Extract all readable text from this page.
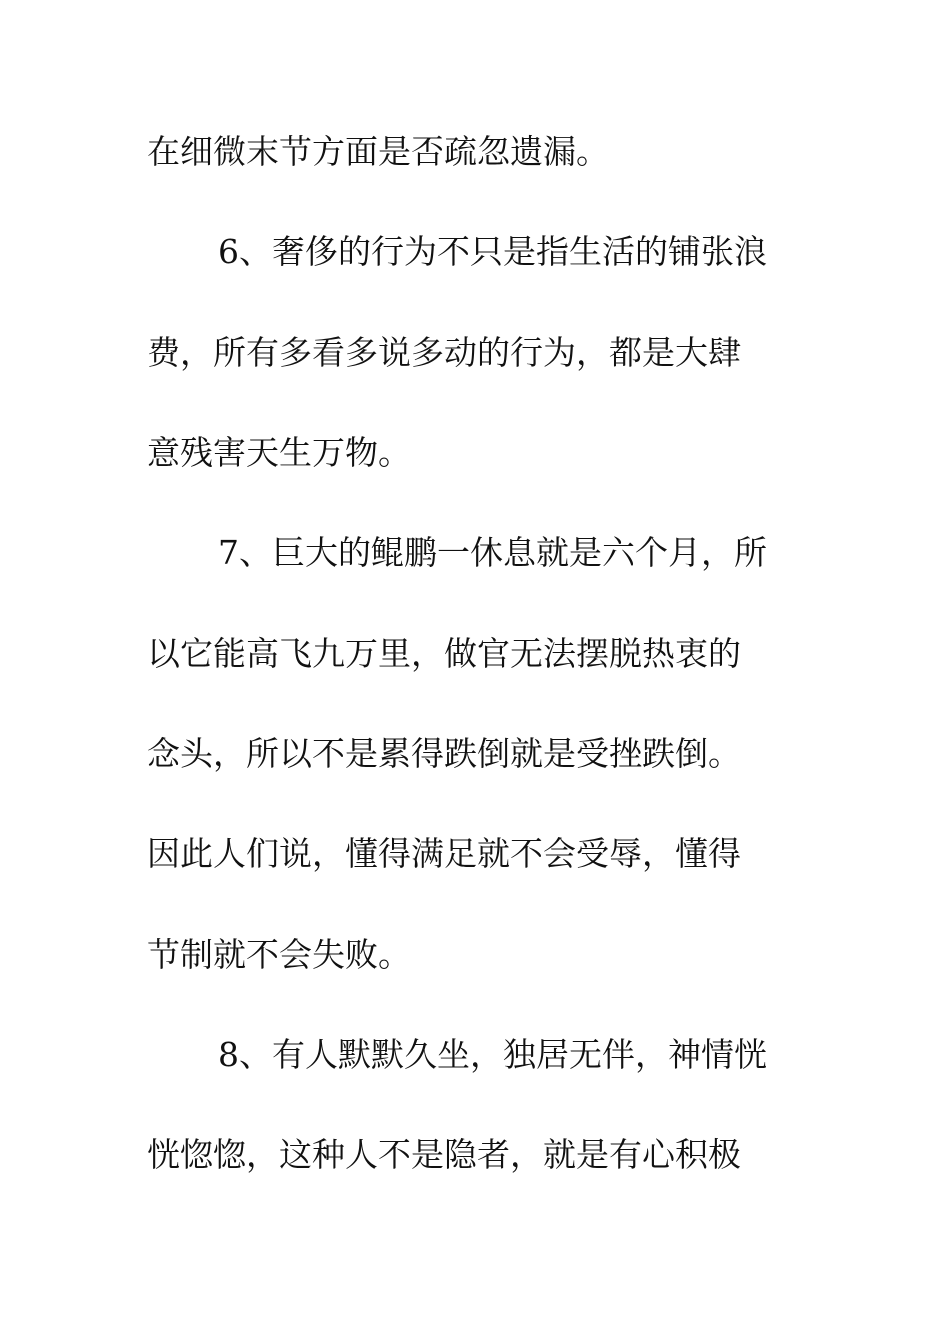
在细微末节方面是否疏忽遗漏。
6、奢侈的行为不只是指生活的铺张浪
费，所有多看多说多动的行为，都是大肆
意残害天生万物。
7、巨大的鲲鹏一休息就是六个月，所
以它能高飞九万里，做官无法摆脱热衷的
念头，所以不是累得跌倒就是受挫跌倒。
因此人们说，懂得满足就不会受辱，懂得
节制就不会失败。
8、有人默默久坐，独居无伴，神情恍
恍惚惚，这种人不是隐者，就是有心积极
